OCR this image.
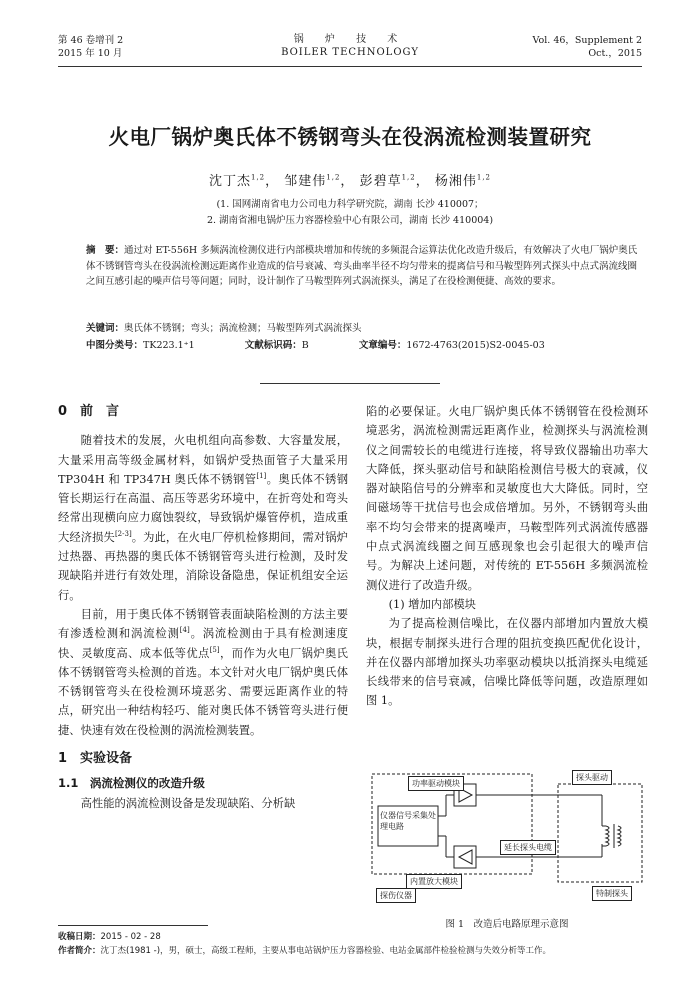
第 46 卷增刊 2
2015 年 10 月
锅 炉 技 术
BOILER TECHNOLOGY
Vol. 46，Supplement 2
Oct.，2015
火电厂锅炉奥氏体不锈钢弯头在役涡流检测装置研究
沈丁杰$^{1,2}$， 邹建伟$^{1,2}$， 彭碧草$^{1,2}$， 杨湘伟$^{1,2}$
(1. 国网湖南省电力公司电力科学研究院，湖南 长沙 410007；
2. 湖南省湘电锅炉压力容器检验中心有限公司，湖南 长沙 410004)
摘　要：通过对 ET-556H 多频涡流检测仪进行内部模块增加和传统的多频混合运算法优化改造升级后，有效解决了火电厂锅炉奥氏体不锈钢管弯头在役涡流检测远距离作业造成的信号衰减、弯头曲率半径不均匀带来的提离信号和马鞍型阵列式探头中点式涡流线圈之间互感引起的噪声信号等问题；同时，设计制作了马鞍型阵列式涡流探头，满足了在役检测便捷、高效的要求。
关键词：奥氏体不锈钢；弯头；涡流检测；马鞍型阵列式涡流探头
中图分类号：TK223.1⁺1	文献标识码：B	文章编号：1672-4763(2015)S2-0045-03
0　前　言
随着技术的发展，火电机组向高参数、大容量发展，大量采用高等级金属材料，如锅炉受热面管子大量采用 TP304H 和 TP347H 奥氏体不锈钢管[1]。奥氏体不锈钢管长期运行在高温、高压等恶劣环境中，在折弯处和弯头经常出现横向应力腐蚀裂纹，导致锅炉爆管停机，造成重大经济损失[2-3]。为此，在火电厂停机检修期间，需对锅炉过热器、再热器的奥氏体不锈钢管弯头进行检测，及时发现缺陷并进行有效处理，消除设备隐患，保证机组安全运行。
目前，用于奥氏体不锈钢管表面缺陷检测的方法主要有渗透检测和涡流检测[4]。涡流检测由于具有检测速度快、灵敏度高、成本低等优点[5]，而作为火电厂锅炉奥氏体不锈钢管弯头检测的首选。本文针对火电厂锅炉奥氏体不锈钢管弯头在役检测环境恶劣、需要远距离作业的特点，研究出一种结构轻巧、能对奥氏体不锈管弯头进行便捷、快速有效在役检测的涡流检测装置。
1　实验设备
1.1　涡流检测仪的改造升级
高性能的涡流检测设备是发现缺陷、分析缺
陷的必要保证。火电厂锅炉奥氏体不锈钢管在役检测环境恶劣，涡流检测需远距离作业，检测探头与涡流检测仪之间需较长的电缆进行连接，将导致仪器输出功率大大降低，探头驱动信号和缺陷检测信号极大的衰减，仪器对缺陷信号的分辨率和灵敏度也大大降低。同时，空间磁场等干扰信号也会成倍增加。另外，不锈钢弯头曲率不均匀会带来的提离噪声，马鞍型阵列式涡流传感器中点式涡流线圈之间互感现象也会引起很大的噪声信号。为解决上述问题，对传统的 ET-556H 多频涡流检测仪进行了改造升级。
(1) 增加内部模块
为了提高检测信噪比，在仪器内部增加内置放大模块，根据专制探头进行合理的阻抗变换匹配优化设计，并在仪器内部增加探头功率驱动模块以抵消探头电缆延长线带来的信号衰减，信噪比降低等问题，改造原理如图 1。
功率驱动模块
探头驱动
仪器信号采集处理电路
延长探头电缆
内置放大模块
探伤仪器	特制探头
图 1　改造后电路原理示意图
收稿日期：2015 - 02 - 28
作者简介：沈丁杰(1981 -)，男，硕士，高级工程师，主要从事电站锅炉压力容器检验、电站金属部件检验检测与失效分析等工作。
